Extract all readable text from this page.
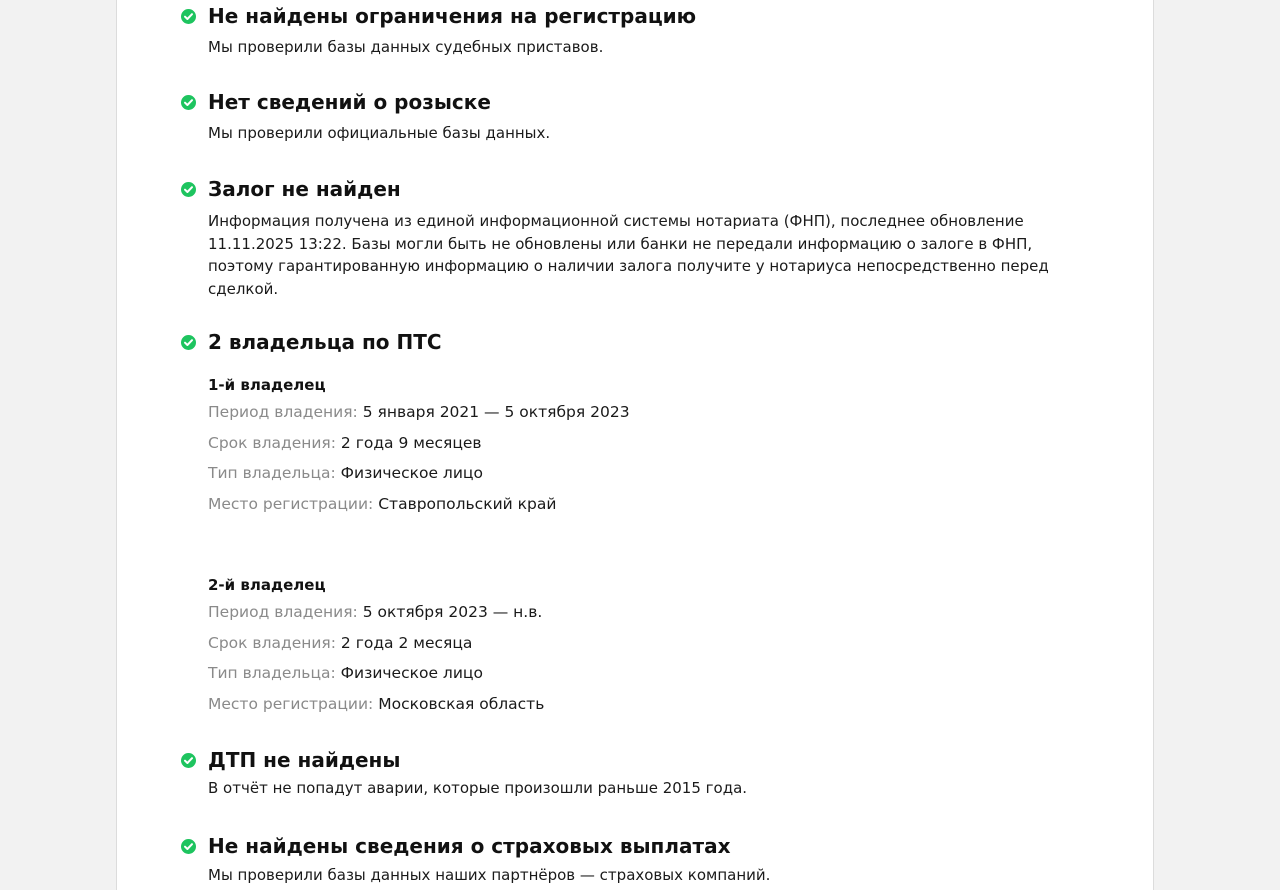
Не найдены ограничения на регистрацию
Мы проверили базы данных судебных приставов.
Нет сведений о розыске
Мы проверили официальные базы данных.
Залог не найден
Информация получена из единой информационной системы нотариата (ФНП), последнее обновление 11.11.2025 13:22. Базы могли быть не обновлены или банки не передали информацию о залоге в ФНП, поэтому гарантированную информацию о наличии залога получите у нотариуса непосредственно перед сделкой.
2 владельца по ПТС
1-й владелец
Период владения: 5 января 2021 — 5 октября 2023
Срок владения: 2 года 9 месяцев
Тип владельца: Физическое лицо
Место регистрации: Ставропольский край
2-й владелец
Период владения: 5 октября 2023 — н.в.
Срок владения: 2 года 2 месяца
Тип владельца: Физическое лицо
Место регистрации: Московская область
ДТП не найдены
В отчёт не попадут аварии, которые произошли раньше 2015 года.
Не найдены сведения о страховых выплатах
Мы проверили базы данных наших партнёров — страховых компаний.
